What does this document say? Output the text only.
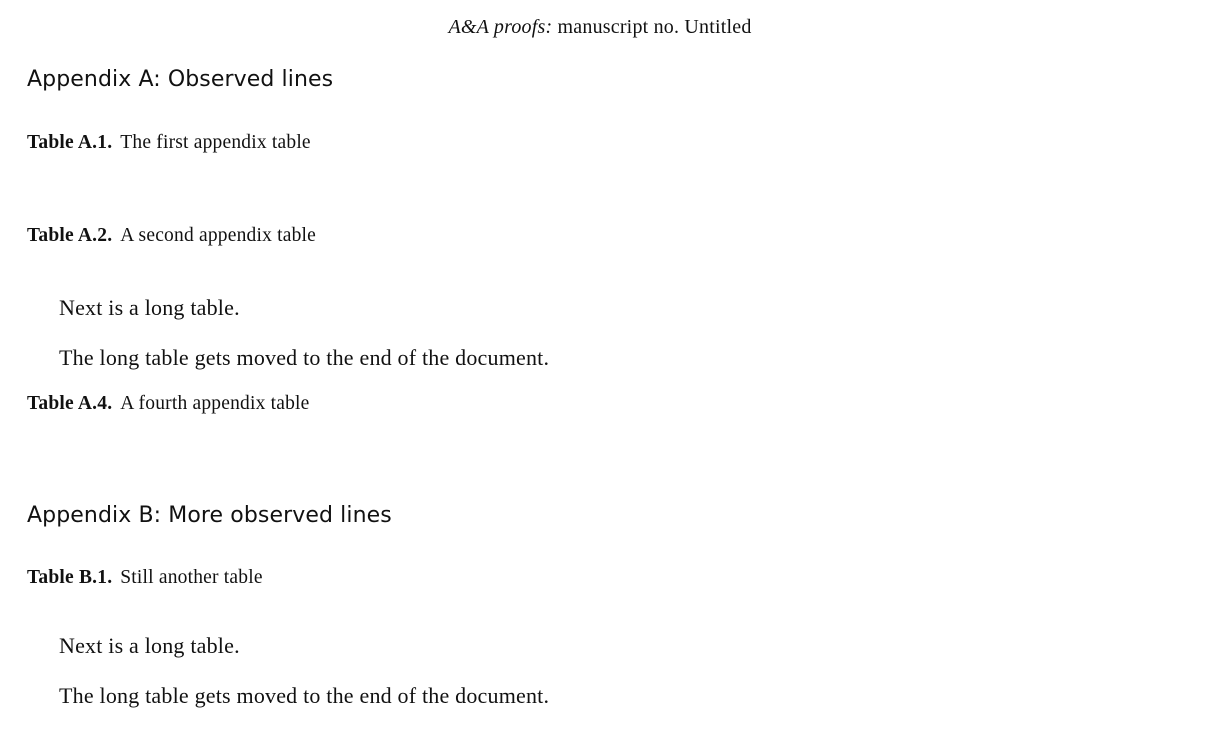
A&A proofs: manuscript no. Untitled
Appendix A: Observed lines
Table A.1. The first appendix table
Table A.2. A second appendix table

Next is a long table.

The long table gets moved to the end of the document.

Table A.4. A fourth appendix table
Appendix B: More observed lines
Table B.1. Still another table

Next is a long table.

The long table gets moved to the end of the document.
